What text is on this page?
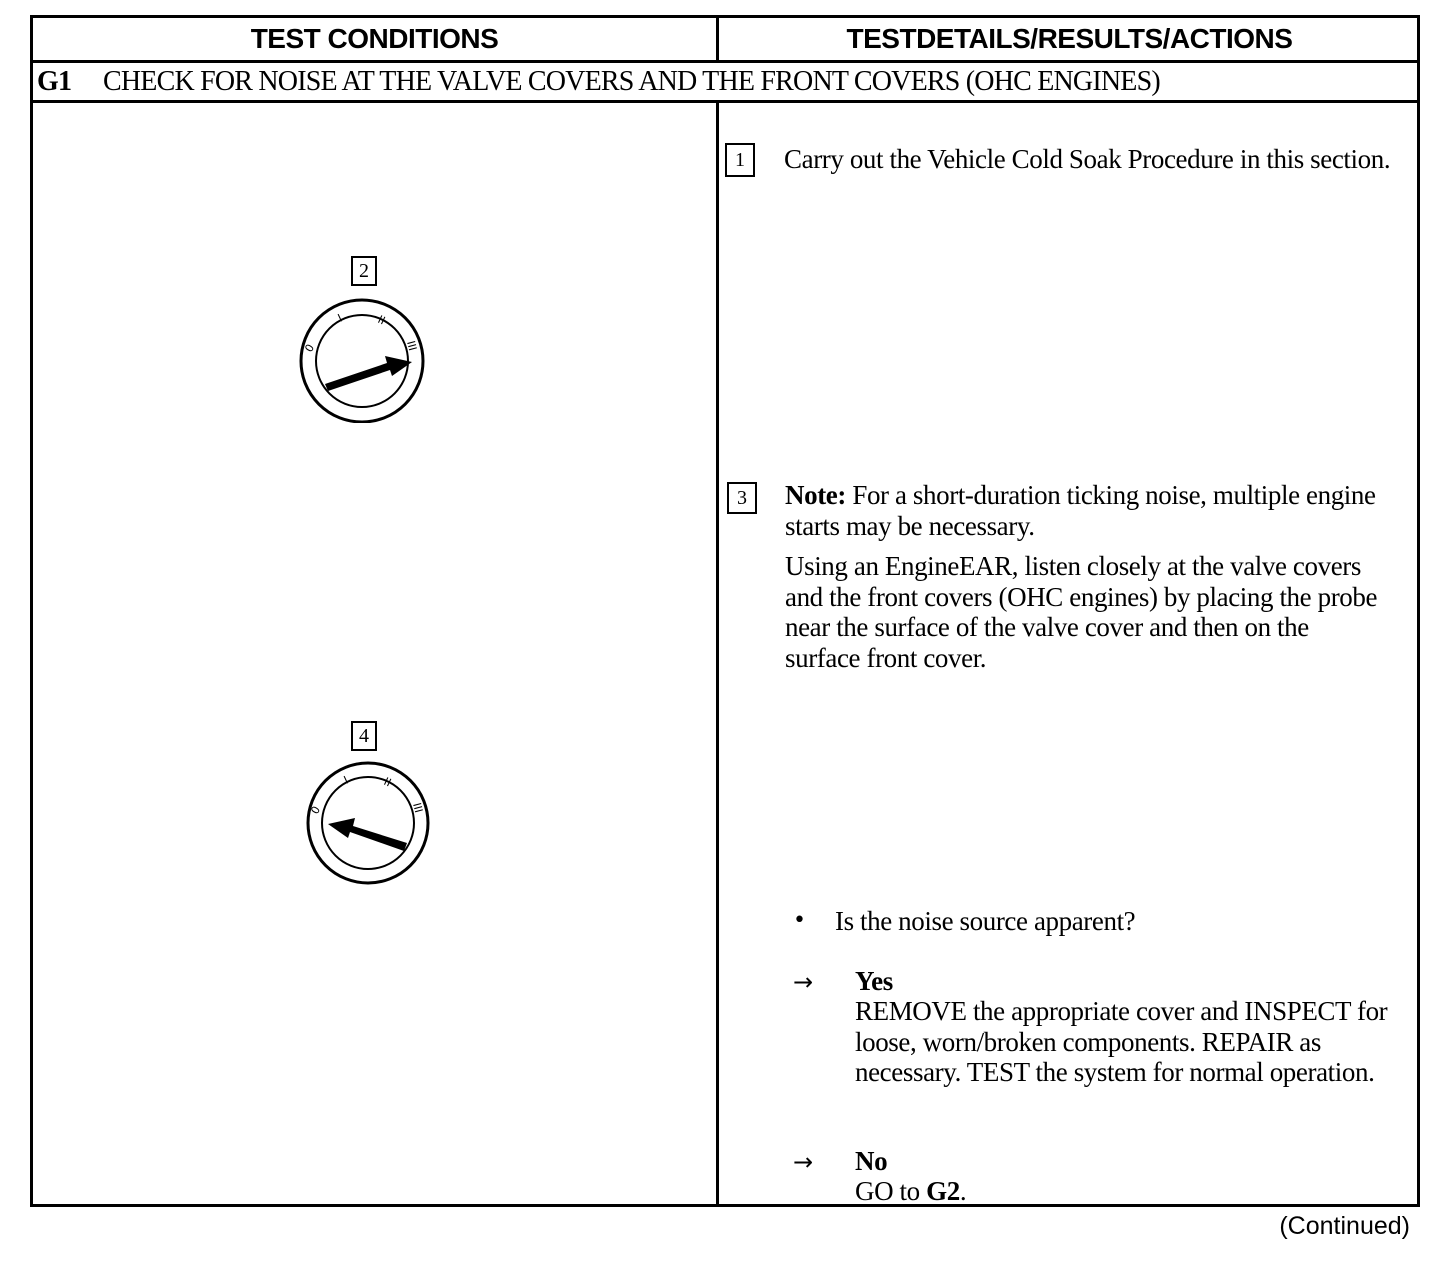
TEST CONDITIONS	TESTDETAILS/RESULTS/ACTIONS
G1	CHECK FOR NOISE AT THE VALVE COVERS AND THE FRONT COVERS (OHC ENGINES)
2
0
I	II
III
4
0
I	II
III
1 Carry out the Vehicle Cold Soak Procedure in this section.
3 Note: For a short-duration ticking noise, multiple engine starts may be necessary.

Using an EngineEAR, listen closely at the valve covers and the front covers (OHC engines) by placing the probe near the surface of the valve cover and then on the surface front cover.
• Is the noise source apparent?
→ Yes
REMOVE the appropriate cover and INSPECT for loose, worn/broken components. REPAIR as necessary. TEST the system for normal operation.
→ No
GO to G2.
(Continued)
